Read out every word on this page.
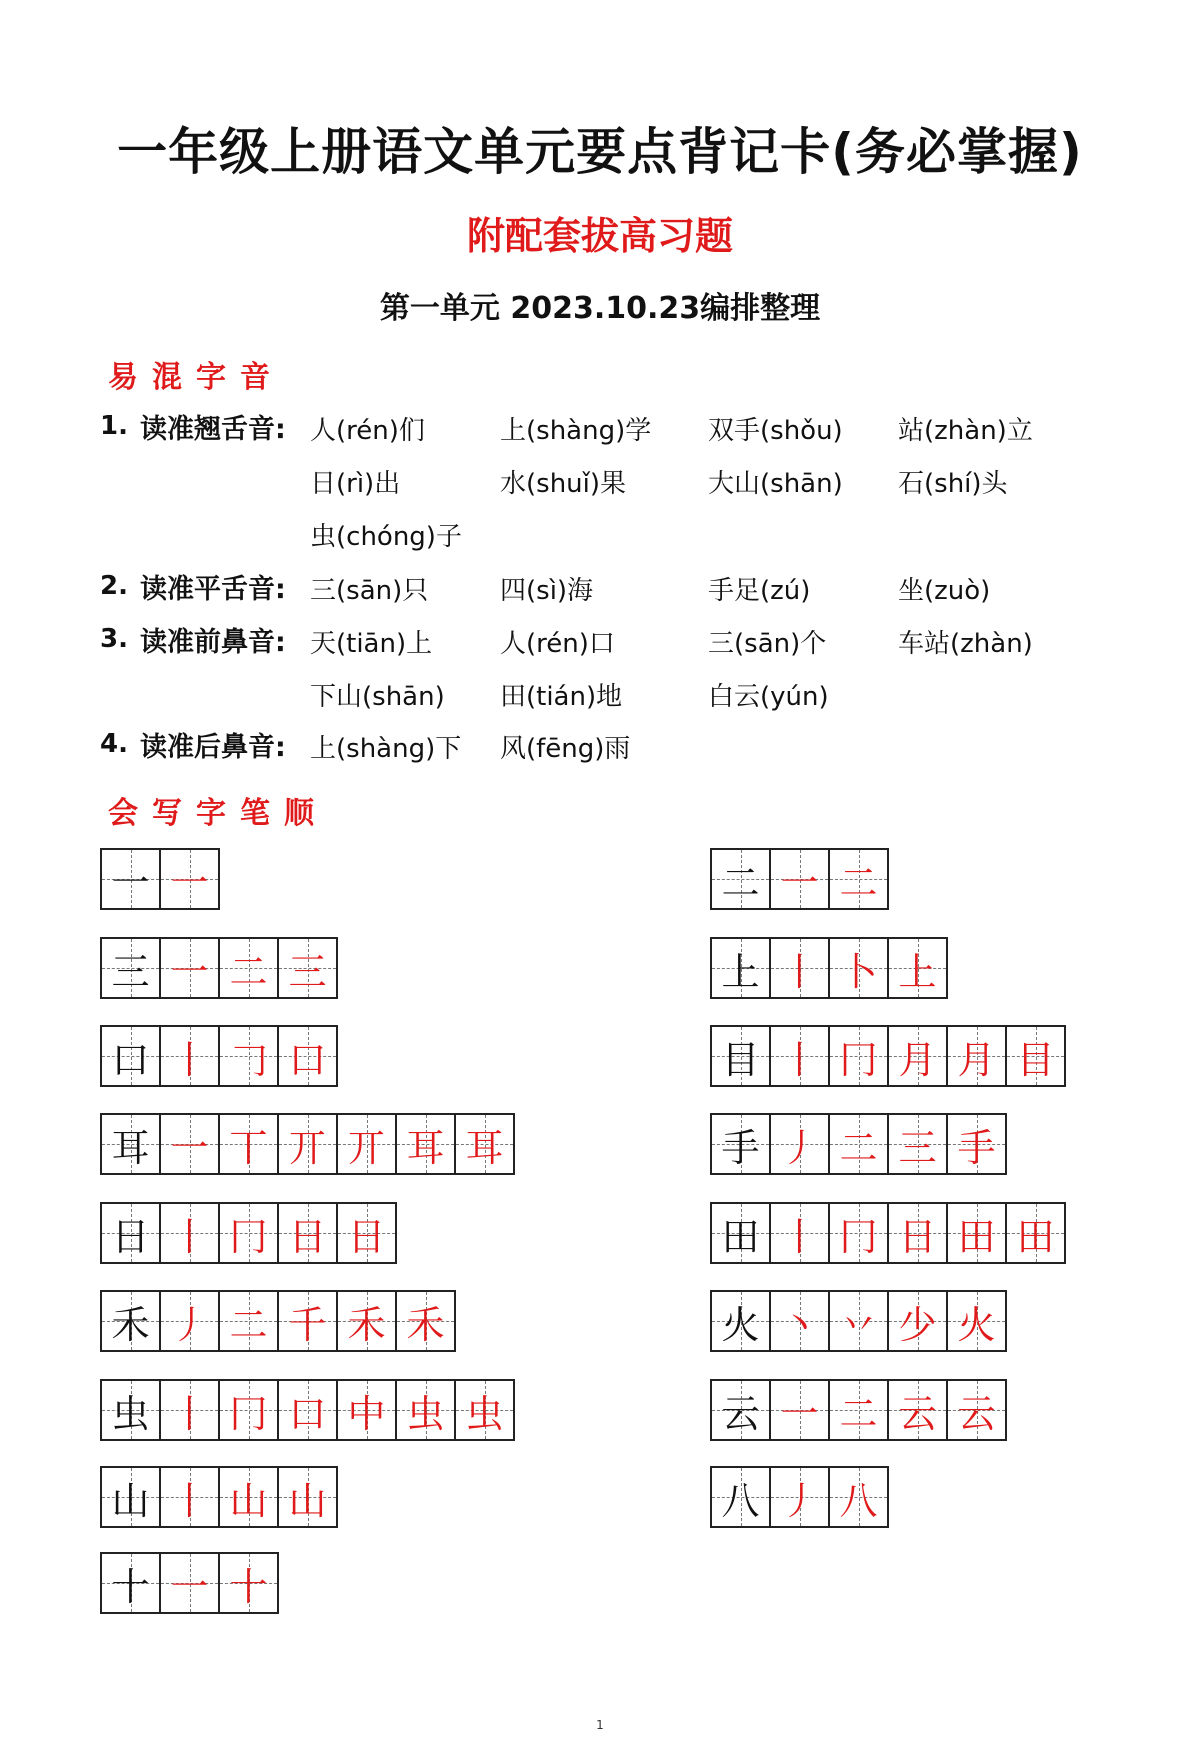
一年级上册语文单元要点背记卡(务必掌握)
附配套拔高习题
第一单元 2023.10.23编排整理
易混字音
1. 读准翘舌音: 人(rén)们	上(shàng)学 双手(shǒu) 站(zhàn)立
日(rì)出	水(shuǐ)果	大山(shān) 石(shí)头
虫(chóng)子
2. 读准平舌音: 三(sān)只	四(sì)海	手足(zú)	坐(zuò)
3. 读准前鼻音: 天(tiān)上	人(rén)口	三(sān)个	车站(zhàn)
下山(shān) 田(tián)地	白云(yún)
4. 读准后鼻音: 上(shàng)下 风(fēng)雨
会写字笔顺
一 一
三 一 二 三
口 丨 𠃌 口
耳 一 丅 丌 丌 耳 耳
日 丨 冂 日 日
禾 丿 二 千 禾 禾
虫 丨 冂 口 中 虫 虫
山 丨 山 山
十 一 十
二 一 二
上 丨 卜 上
目 丨 冂 月 月 目
手 丿 二 三 手
田 丨 冂 日 田 田
火 丶 丷 少 火
云 一 二 云 云
八 丿 八
1
